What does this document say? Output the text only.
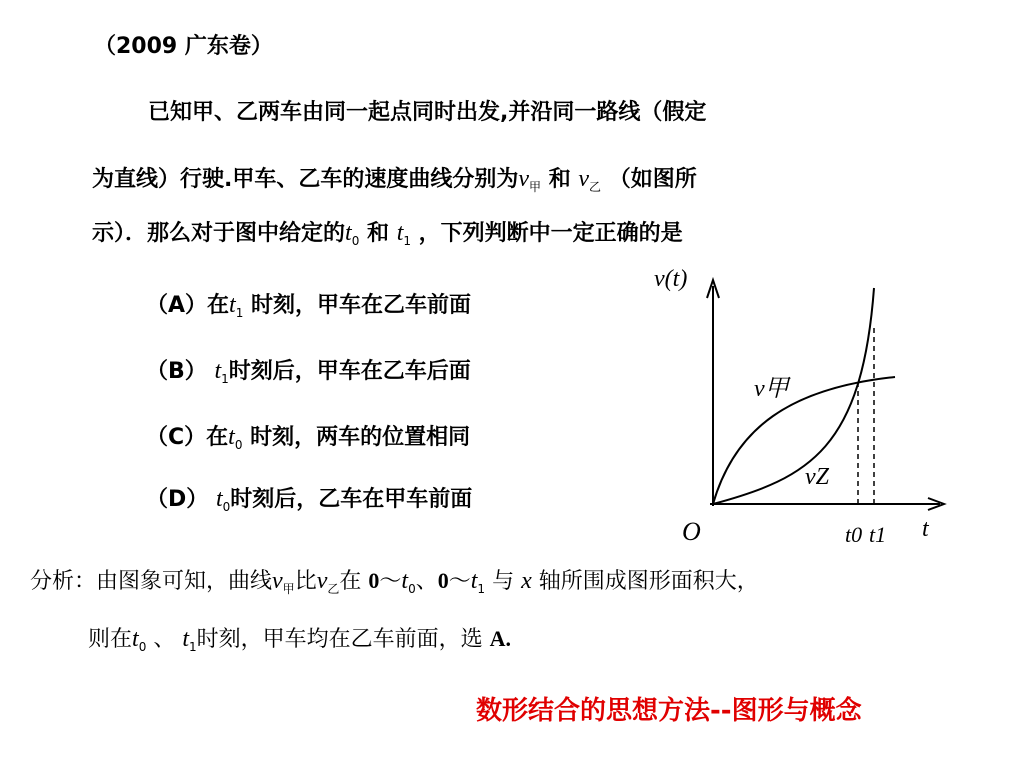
（2009 广东卷）
已知甲、乙两车由同一起点同时出发,并沿同一路线（假定
为直线）行驶.甲车、乙车的速度曲线分别为$v_甲$ 和 $v_乙$ （如图所
示）．那么对于图中给定的$t_0$ 和 $t_1$ ，下列判断中一定正确的是
（A）在$t_1$ 时刻，甲车在乙车前面
（B） $t_1$时刻后，甲车在乙车后面
（C）在$t_0$ 时刻，两车的位置相同
（D） $t_0$时刻后，乙车在甲车前面
分析：由图象可知，曲线$v_甲$比$v_乙$在 $0\sim t_0$、$0\sim t_1$ 与 x 轴所围成图形面积大，
则在$t_0$ 、 $t_1$时刻，甲车均在乙车前面，选 A.
数形结合的思想方法--图形与概念
v(t)
O	t
v甲
vZ
t0 t1
